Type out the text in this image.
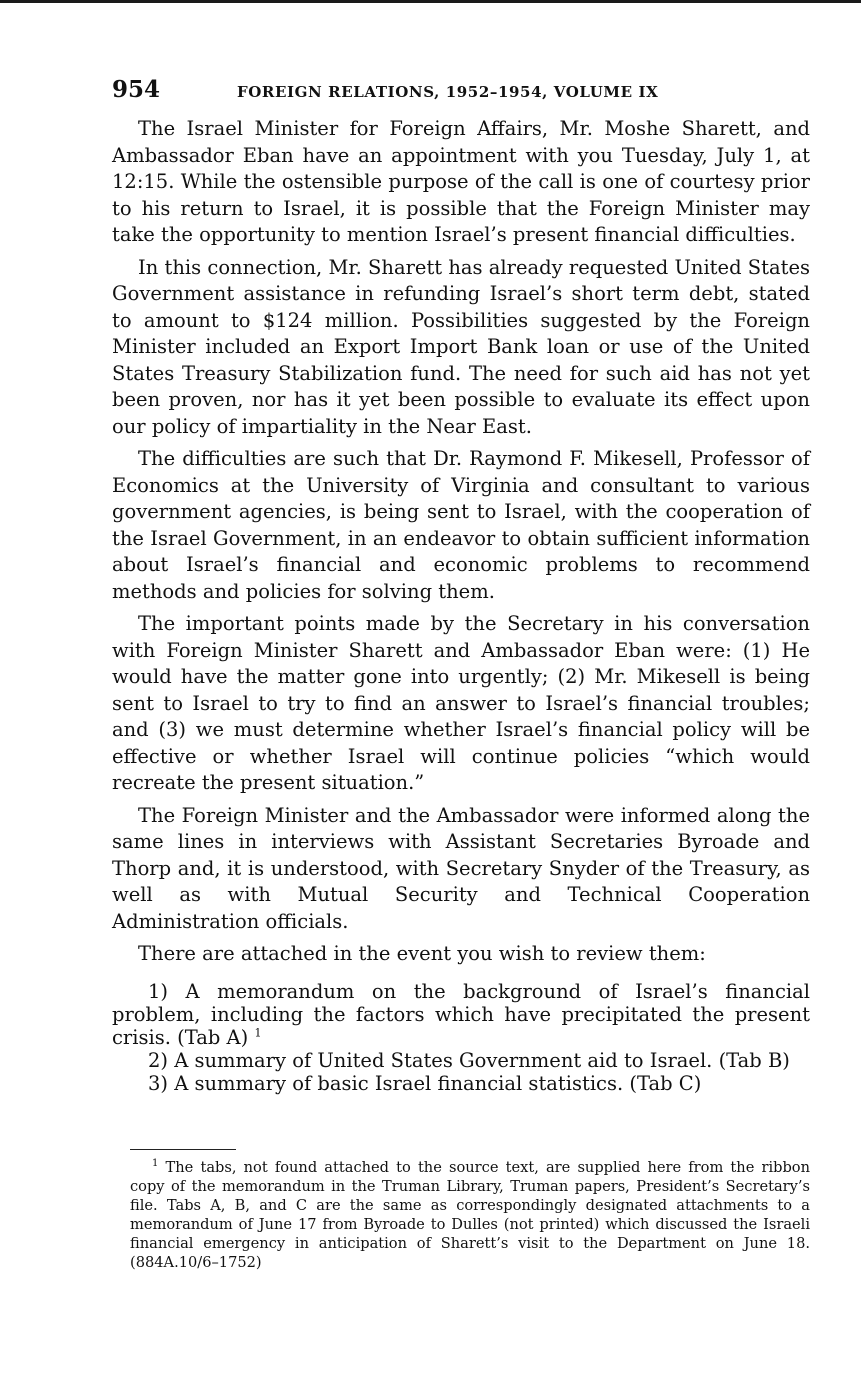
954	FOREIGN RELATIONS, 1952–1954, VOLUME IX

The Israel Minister for Foreign Affairs, Mr. Moshe Sharett, and Ambassador Eban have an appointment with you Tuesday, July 1, at 12:15. While the ostensible purpose of the call is one of courtesy prior to his return to Israel, it is possible that the Foreign Minister may take the opportunity to mention Israel’s present financial difficulties.

In this connection, Mr. Sharett has already requested United States Government assistance in refunding Israel’s short term debt, stated to amount to $124 million. Possibilities suggested by the Foreign Minister included an Export Import Bank loan or use of the United States Treasury Stabilization fund. The need for such aid has not yet been proven, nor has it yet been possible to evaluate its effect upon our policy of impartiality in the Near East.

The difficulties are such that Dr. Raymond F. Mikesell, Professor of Economics at the University of Virginia and consultant to various government agencies, is being sent to Israel, with the cooperation of the Israel Government, in an endeavor to obtain sufficient information about Israel’s financial and economic problems to recommend methods and policies for solving them.

The important points made by the Secretary in his conversation with Foreign Minister Sharett and Ambassador Eban were: (1) He would have the matter gone into urgently; (2) Mr. Mikesell is being sent to Israel to try to find an answer to Israel’s financial troubles; and (3) we must determine whether Israel’s financial policy will be effective or whether Israel will continue policies “which would recreate the present situation.”

The Foreign Minister and the Ambassador were informed along the same lines in interviews with Assistant Secretaries Byroade and Thorp and, it is understood, with Secretary Snyder of the Treasury, as well as with Mutual Security and Technical Cooperation Administration officials.

There are attached in the event you wish to review them:

1) A memorandum on the background of Israel’s financial problem, including the factors which have precipitated the present crisis. (Tab A) $^1$
2) A summary of United States Government aid to Israel. (Tab B)
3) A summary of basic Israel financial statistics. (Tab C)

$^1$ The tabs, not found attached to the source text, are supplied here from the ribbon copy of the memorandum in the Truman Library, Truman papers, President’s Secretary’s file. Tabs A, B, and C are the same as correspondingly designated attachments to a memorandum of June 17 from Byroade to Dulles (not printed) which discussed the Israeli financial emergency in anticipation of Sharett’s visit to the Department on June 18. (884A.10/6–1752)
